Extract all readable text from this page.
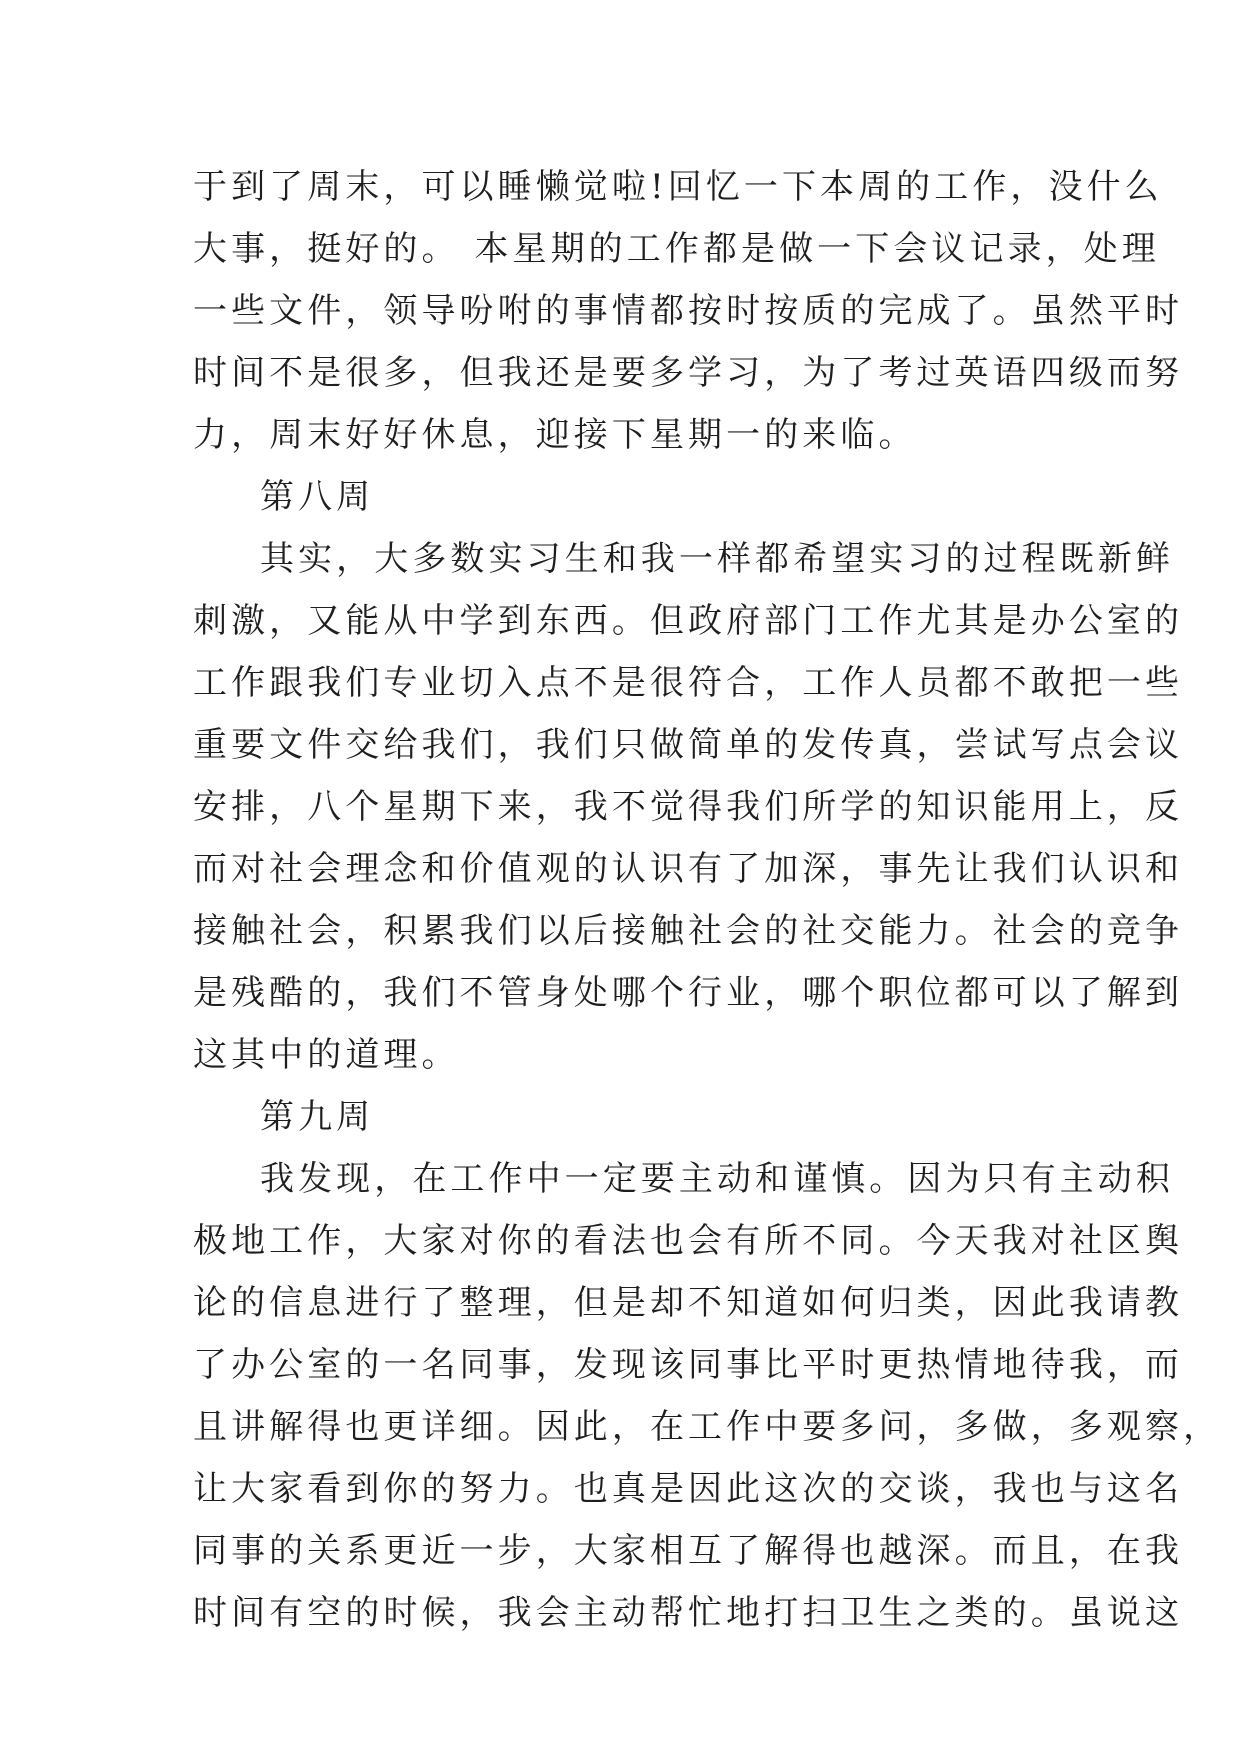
于到了周末，可以睡懒觉啦!回忆一下本周的工作，没什么
大事，挺好的。 本星期的工作都是做一下会议记录，处理
一些文件，领导吩咐的事情都按时按质的完成了。虽然平时
时间不是很多，但我还是要多学习，为了考过英语四级而努
力，周末好好休息，迎接下星期一的来临。
第八周
其实，大多数实习生和我一样都希望实习的过程既新鲜
刺激，又能从中学到东西。但政府部门工作尤其是办公室的
工作跟我们专业切入点不是很符合，工作人员都不敢把一些
重要文件交给我们，我们只做简单的发传真，尝试写点会议
安排，八个星期下来，我不觉得我们所学的知识能用上，反
而对社会理念和价值观的认识有了加深，事先让我们认识和
接触社会，积累我们以后接触社会的社交能力。社会的竞争
是残酷的，我们不管身处哪个行业，哪个职位都可以了解到
这其中的道理。
第九周
我发现，在工作中一定要主动和谨慎。因为只有主动积
极地工作，大家对你的看法也会有所不同。今天我对社区舆
论的信息进行了整理，但是却不知道如何归类，因此我请教
了办公室的一名同事，发现该同事比平时更热情地待我，而
且讲解得也更详细。因此，在工作中要多问，多做，多观察，
让大家看到你的努力。也真是因此这次的交谈，我也与这名
同事的关系更近一步，大家相互了解得也越深。而且，在我
时间有空的时候，我会主动帮忙地打扫卫生之类的。虽说这
